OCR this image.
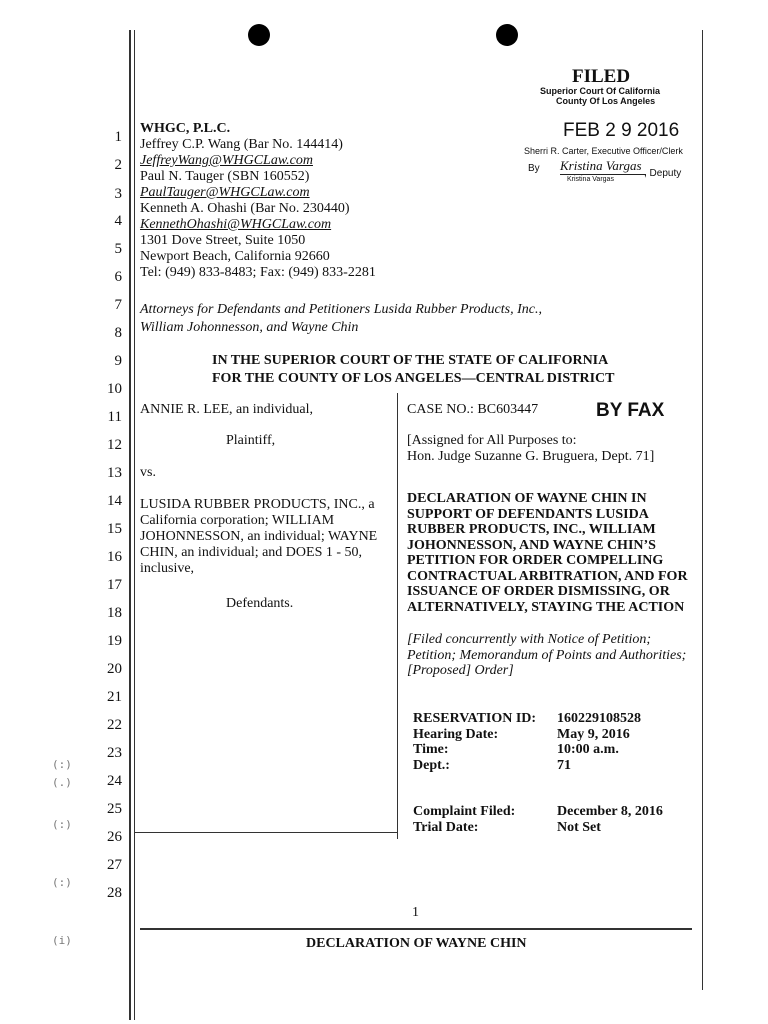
FILED
Superior Court Of California
County Of Los Angeles
FEB 2 9 2016
Sherri R. Carter, Executive Officer/Clerk
By Kristina Vargas
, Deputy
Kristina Vargas
WHGC, P.L.C.
Jeffrey C.P. Wang (Bar No. 144414)
JeffreyWang@WHGCLaw.com
Paul N. Tauger (SBN 160552)
PaulTauger@WHGCLaw.com
Kenneth A. Ohashi (Bar No. 230440)
KennethOhashi@WHGCLaw.com
1301 Dove Street, Suite 1050
Newport Beach, California 92660
Tel: (949) 833-8483; Fax: (949) 833-2281
Attorneys for Defendants and Petitioners Lusida Rubber Products, Inc.,
William Johonnesson, and Wayne Chin
IN THE SUPERIOR COURT OF THE STATE OF CALIFORNIA
FOR THE COUNTY OF LOS ANGELES—CENTRAL DISTRICT
ANNIE R. LEE, an individual,
Plaintiff,
vs.
LUSIDA RUBBER PRODUCTS, INC., a
California corporation; WILLIAM
JOHONNESSON, an individual; WAYNE
CHIN, an individual; and DOES 1 - 50,
inclusive,
Defendants.
CASE NO.: BC603447	BY FAX
[Assigned for All Purposes to:
Hon. Judge Suzanne G. Bruguera, Dept. 71]
DECLARATION OF WAYNE CHIN IN
SUPPORT OF DEFENDANTS LUSIDA
RUBBER PRODUCTS, INC., WILLIAM
JOHONNESSON, AND WAYNE CHIN’S
PETITION FOR ORDER COMPELLING
CONTRACTUAL ARBITRATION, AND FOR
ISSUANCE OF ORDER DISMISSING, OR
ALTERNATIVELY, STAYING THE ACTION
[Filed concurrently with Notice of Petition;
Petition; Memorandum of Points and Authorities;
[Proposed] Order]
RESERVATION ID: 160229108528
Hearing Date:	May 9, 2016
Time:	10:00 a.m.
Dept.:	71
Complaint Filed:	December 8, 2016
Trial Date:	Not Set
1
2
3
4
5
6
7
8
9
10
11
12
13
14
15
16
17
18
19
20
21
22
23
24
25
26
27
28
1
DECLARATION OF WAYNE CHIN
(:)
(.)
(:)
(:)
(i)
